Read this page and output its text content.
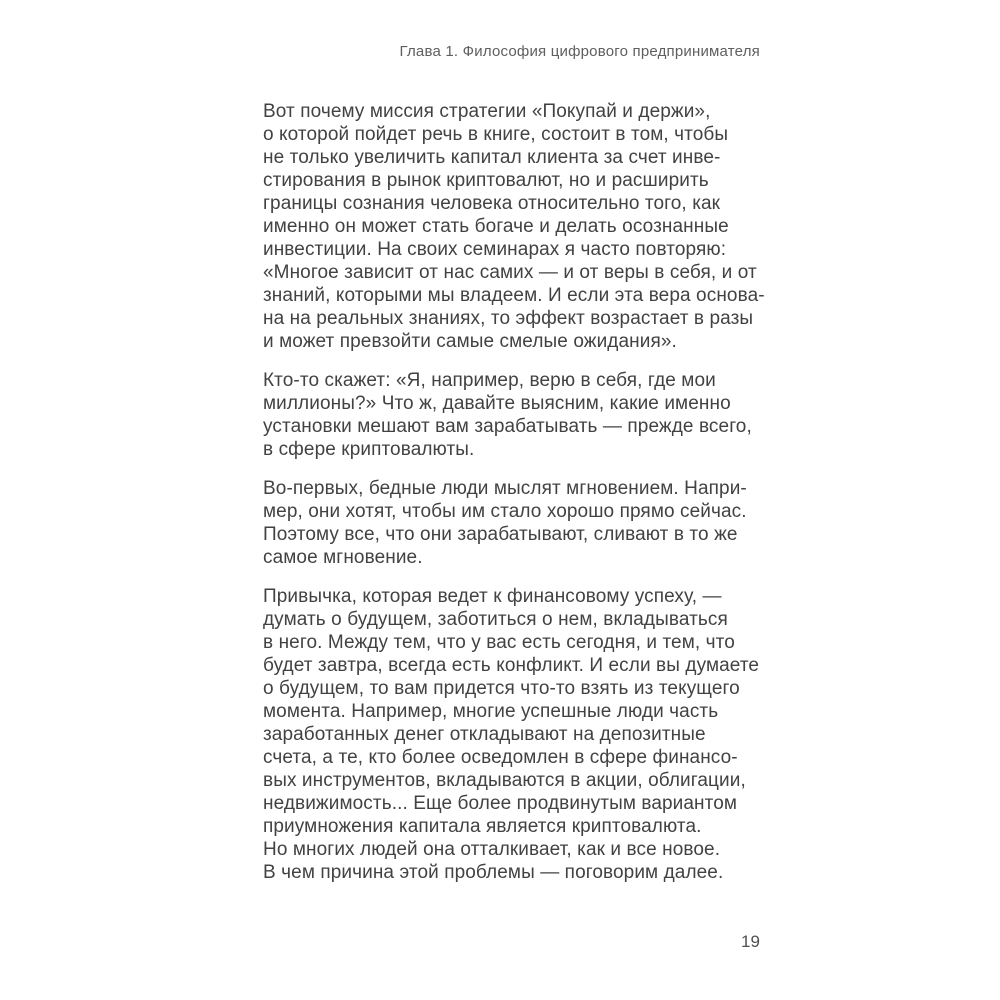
Глава 1. Философия цифрового предпринимателя
Вот почему миссия стратегии «Покупай и держи»,
о которой пойдет речь в книге, состоит в том, чтобы
не только увеличить капитал клиента за счет инве-
стирования в рынок криптовалют, но и расширить
границы сознания человека относительно того, как
именно он может стать богаче и делать осознанные
инвестиции. На своих семинарах я часто повторяю:
«Многое зависит от нас самих — и от веры в себя, и от
знаний, которыми мы владеем. И если эта вера основа-
на на реальных знаниях, то эффект возрастает в разы
и может превзойти самые смелые ожидания».
Кто-то скажет: «Я, например, верю в себя, где мои
миллионы?» Что ж, давайте выясним, какие именно
установки мешают вам зарабатывать — прежде всего,
в сфере криптовалюты.
Во-первых, бедные люди мыслят мгновением. Напри-
мер, они хотят, чтобы им стало хорошо прямо сейчас.
Поэтому все, что они зарабатывают, сливают в то же
самое мгновение.
Привычка, которая ведет к финансовому успеху, —
думать о будущем, заботиться о нем, вкладываться
в него. Между тем, что у вас есть сегодня, и тем, что
будет завтра, всегда есть конфликт. И если вы думаете
о будущем, то вам придется что-то взять из текущего
момента. Например, многие успешные люди часть
заработанных денег откладывают на депозитные
счета, а те, кто более осведомлен в сфере финансо-
вых инструментов, вкладываются в акции, облигации,
недвижимость... Еще более продвинутым вариантом
приумножения капитала является криптовалюта.
Но многих людей она отталкивает, как и все новое.
В чем причина этой проблемы — поговорим далее.
19
